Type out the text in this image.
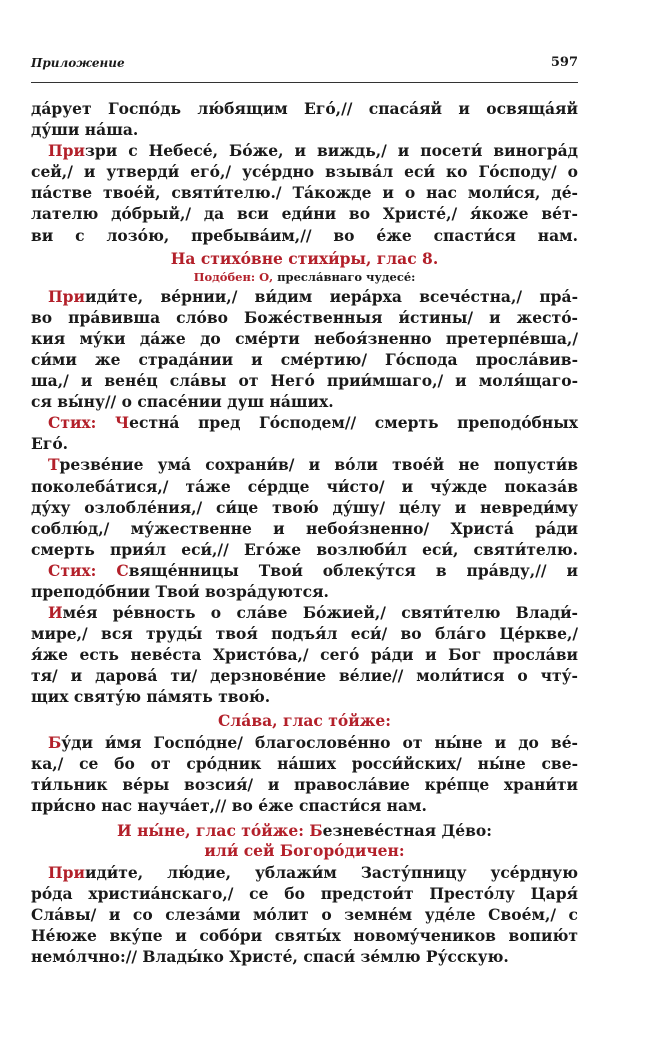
Приложение	597

да́рует Госпо́дь лю́бящим Его́,// спаса́яй и освяща́яй
ду́ши на́ша.

Призри с Небесе́, Бо́же, и виждь,/ и посети́ виногра́д
сей,/ и утверди́ его́,/ усе́рдно взыва́л еси́ ко Го́споду/ о
па́стве твое́й, святи́телю./ Та́кожде и о нас моли́ся, де́-
лателю до́брый,/ да вси еди́ни во Христе́,/ я́коже ве́т-
ви с лозо́ю, пребыва́им,// во е́же спасти́ся нам.

На стихо́вне стихи́ры, глас 8.
Подо́бен: О, пресла́внаго чудесе́:

Прииди́те, ве́рнии,/ ви́дим иера́рха всече́стна,/ пра́-
во пра́вивша сло́во Боже́ственныя и́стины/ и жесто́-
кия му́ки да́же до сме́рти небоя́зненно претерпе́вша,/
си́ми же страда́нии и сме́ртию/ Го́спода просла́вив-
ша,/ и вене́ц сла́вы от Него́ прии́мшаго,/ и моля́щаго-
ся вы́ну// о спасе́нии душ на́ших.

Стих: Честна́ пред Го́сподем// смерть преподо́бных
Его́.

Трезве́ние ума́ сохрани́в/ и во́ли твое́й не попусти́в
поколеба́тися,/ та́же се́рдце чи́сто/ и чу́жде показа́в
ду́ху озлобле́ния,/ си́це твою́ ду́шу/ це́лу и невреди́му
соблю́д,/ му́жественне и небоя́зненно/ Христа́ ра́ди
смерть прия́л еси́,// Его́же возлюби́л еси́, святи́телю.

Стих: Свяще́нницы Твои́ облеку́тся в пра́вду,// и
преподо́бнии Твои́ возра́дуются.

Име́я ре́вность о сла́ве Бо́жией,/ святи́телю Влади́-
мире,/ вся труды́ твоя́ подъя́л еси́/ во бла́го Це́ркве,/
я́же есть неве́ста Христо́ва,/ сего́ ра́ди и Бог просла́ви
тя/ и дарова́ ти/ дерзнове́ние ве́лие// моли́тися о чту́-
щих святу́ю па́мять твою́.

Сла́ва, глас то́йже:

Бу́ди и́мя Госпо́дне/ благослове́нно от ны́не и до ве́-
ка,/ се бо от сро́дник на́ших росси́йских/ ны́не све-
ти́льник ве́ры возсия́/ и правосла́вие кре́пце храни́ти
при́сно нас науча́ет,// во е́же спасти́ся нам.

И ны́не, глас то́йже: Безневе́стная Де́во:
или́ сей Богоро́дичен:

Прииди́те, лю́дие, ублажи́м Засту́пницу усе́рдную
ро́да христиа́нскаго,/ се бо предстои́т Престо́лу Царя́
Сла́вы/ и со слеза́ми мо́лит о земне́м уде́ле Свое́м,/ с
Не́юже вку́пе и собо́ри святы́х новому́чеников вопию́т
немо́лчно:// Влады́ко Христе́, спаси́ зе́млю Ру́сскую.
